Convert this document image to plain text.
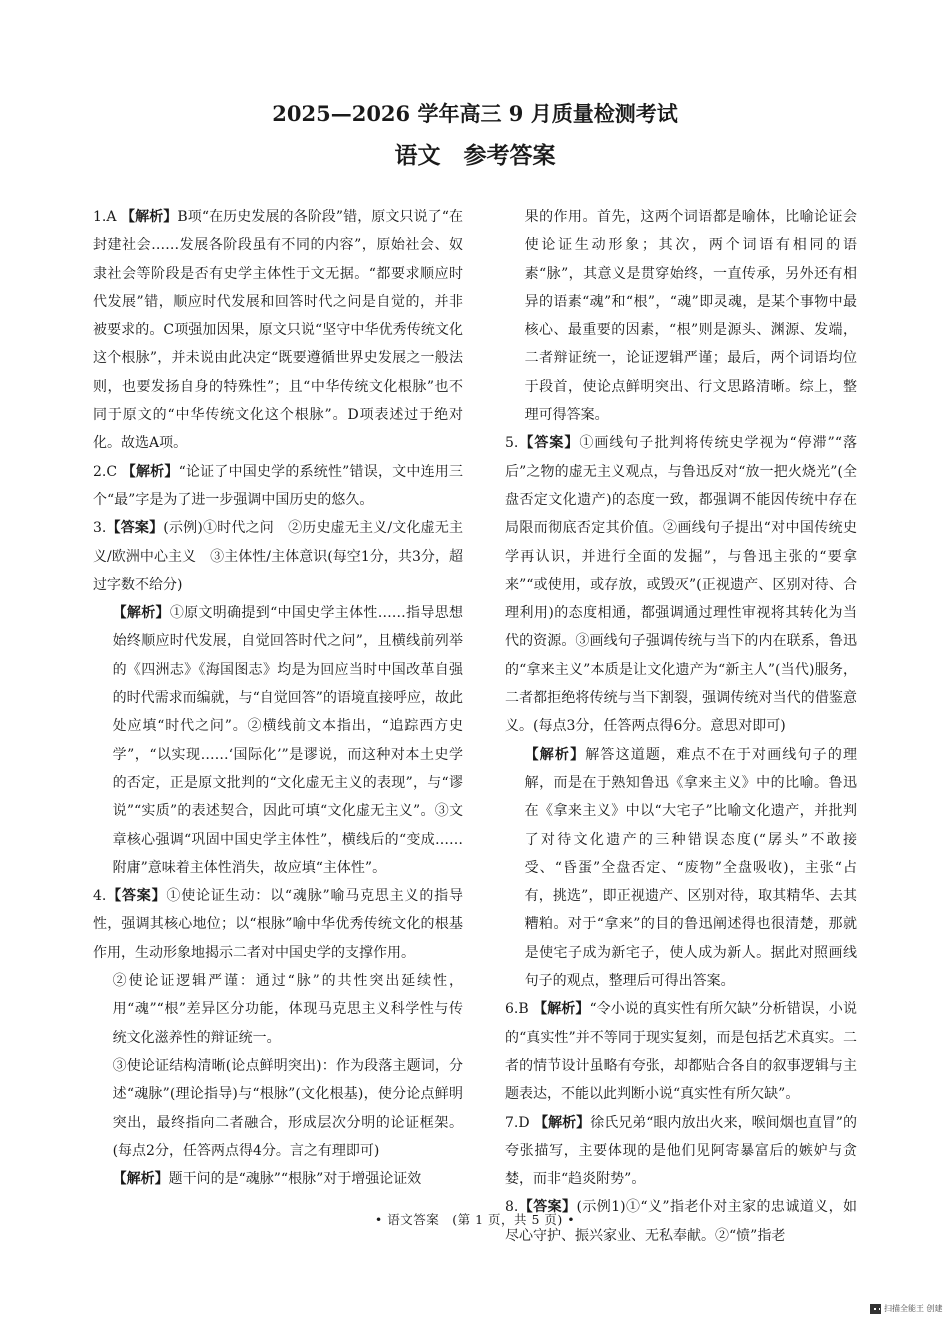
2025—2026 学年高三 9 月质量检测考试
语文　参考答案

1.A 【解析】B项“在历史发展的各阶段”错，原文只说了“在封建社会……发展各阶段虽有不同的内容”，原始社会、奴隶社会等阶段是否有史学主体性于文无据。“都要求顺应时代发展”错，顺应时代发展和回答时代之问是自觉的，并非被要求的。C项强加因果，原文只说“坚守中华优秀传统文化这个根脉”，并未说由此决定“既要遵循世界史发展之一般法则，也要发扬自身的特殊性”；且“中华传统文化根脉”也不同于原文的“中华传统文化这个根脉”。D项表述过于绝对化。故选A项。

2.C 【解析】“论证了中国史学的系统性”错误，文中连用三个“最”字是为了进一步强调中国历史的悠久。

3.【答案】(示例)①时代之问　②历史虚无主义/文化虚无主义/欧洲中心主义　③主体性/主体意识(每空1分，共3分，超过字数不给分)

【解析】①原文明确提到“中国史学主体性……指导思想始终顺应时代发展，自觉回答时代之问”，且横线前列举的《四洲志》《海国图志》均是为回应当时中国改革自强的时代需求而编就，与“自觉回答”的语境直接呼应，故此处应填“时代之问”。②横线前文本指出，“追踪西方史学”，“以实现……‘国际化’”是谬说，而这种对本土史学的否定，正是原文批判的“文化虚无主义的表现”，与“谬说”“实质”的表述契合，因此可填“文化虚无主义”。③文章核心强调“巩固中国史学主体性”，横线后的“变成……附庸”意味着主体性消失，故应填“主体性”。

4.【答案】①使论证生动：以“魂脉”喻马克思主义的指导性，强调其核心地位；以“根脉”喻中华优秀传统文化的根基作用，生动形象地揭示二者对中国史学的支撑作用。

②使论证逻辑严谨：通过“脉”的共性突出延续性，用“魂”“根”差异区分功能，体现马克思主义科学性与传统文化滋养性的辩证统一。

③使论证结构清晰(论点鲜明突出)：作为段落主题词，分述“魂脉”(理论指导)与“根脉”(文化根基)，使分论点鲜明突出，最终指向二者融合，形成层次分明的论证框架。(每点2分，任答两点得4分。言之有理即可)

【解析】题干问的是“魂脉”“根脉”对于增强论证效

果的作用。首先，这两个词语都是喻体，比喻论证会使论证生动形象；其次，两个词语有相同的语素“脉”，其意义是贯穿始终，一直传承，另外还有相异的语素“魂”和“根”，“魂”即灵魂，是某个事物中最核心、最重要的因素，“根”则是源头、渊源、发端，二者辩证统一，论证逻辑严谨；最后，两个词语均位于段首，使论点鲜明突出、行文思路清晰。综上，整理可得答案。

5.【答案】①画线句子批判将传统史学视为“停滞”“落后”之物的虚无主义观点，与鲁迅反对“放一把火烧光”(全盘否定文化遗产)的态度一致，都强调不能因传统中存在局限而彻底否定其价值。②画线句子提出“对中国传统史学再认识，并进行全面的发掘”，与鲁迅主张的“要拿来”“或使用，或存放，或毁灭”(正视遗产、区别对待、合理利用)的态度相通，都强调通过理性审视将其转化为当代的资源。③画线句子强调传统与当下的内在联系，鲁迅的“拿来主义”本质是让文化遗产为“新主人”(当代)服务，二者都拒绝将传统与当下割裂，强调传统对当代的借鉴意义。(每点3分，任答两点得6分。意思对即可)

【解析】解答这道题，难点不在于对画线句子的理解，而是在于熟知鲁迅《拿来主义》中的比喻。鲁迅在《拿来主义》中以“大宅子”比喻文化遗产，并批判了对待文化遗产的三种错误态度(“孱头”不敢接受、“昏蛋”全盘否定、“废物”全盘吸收)，主张“占有，挑选”，即正视遗产、区别对待，取其精华、去其糟粕。对于“拿来”的目的鲁迅阐述得也很清楚，那就是使宅子成为新宅子，使人成为新人。据此对照画线句子的观点，整理后可得出答案。

6.B 【解析】“令小说的真实性有所欠缺”分析错误，小说的“真实性”并不等同于现实复刻，而是包括艺术真实。二者的情节设计虽略有夸张，却都贴合各自的叙事逻辑与主题表达，不能以此判断小说“真实性有所欠缺”。

7.D 【解析】徐氏兄弟“眼内放出火来，喉间烟也直冒”的夸张描写，主要体现的是他们见阿寄暴富后的嫉妒与贪婪，而非“趋炎附势”。

8.【答案】(示例1)①“义”指老仆对主家的忠诚道义，如尽心守护、振兴家业、无私奉献。②“愤”指老

• 语文答案　(第 1 页，共 5 页) •
扫描全能王 创建
